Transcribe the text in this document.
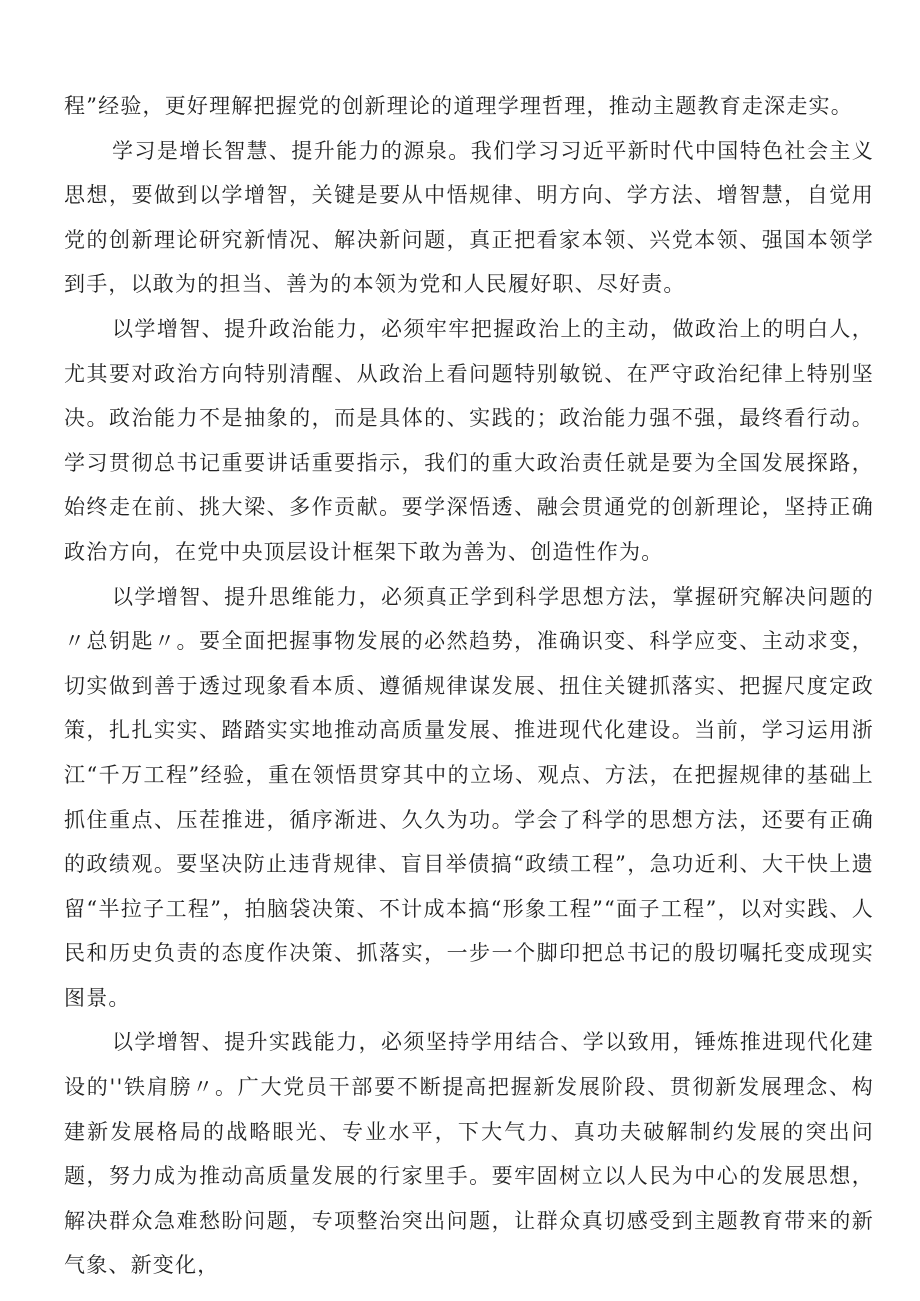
程”经验，更好理解把握党的创新理论的道理学理哲理，推动主题教育走深走实。

学习是增长智慧、提升能力的源泉。我们学习习近平新时代中国特色社会主义思想，要做到以学增智，关键是要从中悟规律、明方向、学方法、增智慧，自觉用党的创新理论研究新情况、解决新问题，真正把看家本领、兴党本领、强国本领学到手，以敢为的担当、善为的本领为党和人民履好职、尽好责。

以学增智、提升政治能力，必须牢牢把握政治上的主动，做政治上的明白人，尤其要对政治方向特别清醒、从政治上看问题特别敏锐、在严守政治纪律上特别坚决。政治能力不是抽象的，而是具体的、实践的；政治能力强不强，最终看行动。学习贯彻总书记重要讲话重要指示，我们的重大政治责任就是要为全国发展探路，始终走在前、挑大梁、多作贡献。要学深悟透、融会贯通党的创新理论，坚持正确政治方向，在党中央顶层设计框架下敢为善为、创造性作为。

以学增智、提升思维能力，必须真正学到科学思想方法，掌握研究解决问题的〃总钥匙〃。要全面把握事物发展的必然趋势，准确识变、科学应变、主动求变，切实做到善于透过现象看本质、遵循规律谋发展、扭住关键抓落实、把握尺度定政策，扎扎实实、踏踏实实地推动高质量发展、推进现代化建设。当前，学习运用浙江“千万工程”经验，重在领悟贯穿其中的立场、观点、方法，在把握规律的基础上抓住重点、压茬推进，循序渐进、久久为功。学会了科学的思想方法，还要有正确的政绩观。要坚决防止违背规律、盲目举债搞“政绩工程”，急功近利、大干快上遗留“半拉子工程”，拍脑袋决策、不计成本搞“形象工程”“面子工程”，以对实践、人民和历史负责的态度作决策、抓落实，一步一个脚印把总书记的殷切嘱托变成现实图景。

以学增智、提升实践能力，必须坚持学用结合、学以致用，锤炼推进现代化建设的''铁肩膀〃。广大党员干部要不断提高把握新发展阶段、贯彻新发展理念、构建新发展格局的战略眼光、专业水平，下大气力、真功夫破解制约发展的突出问题，努力成为推动高质量发展的行家里手。要牢固树立以人民为中心的发展思想，解决群众急难愁盼问题，专项整治突出问题，让群众真切感受到主题教育带来的新气象、新变化，
